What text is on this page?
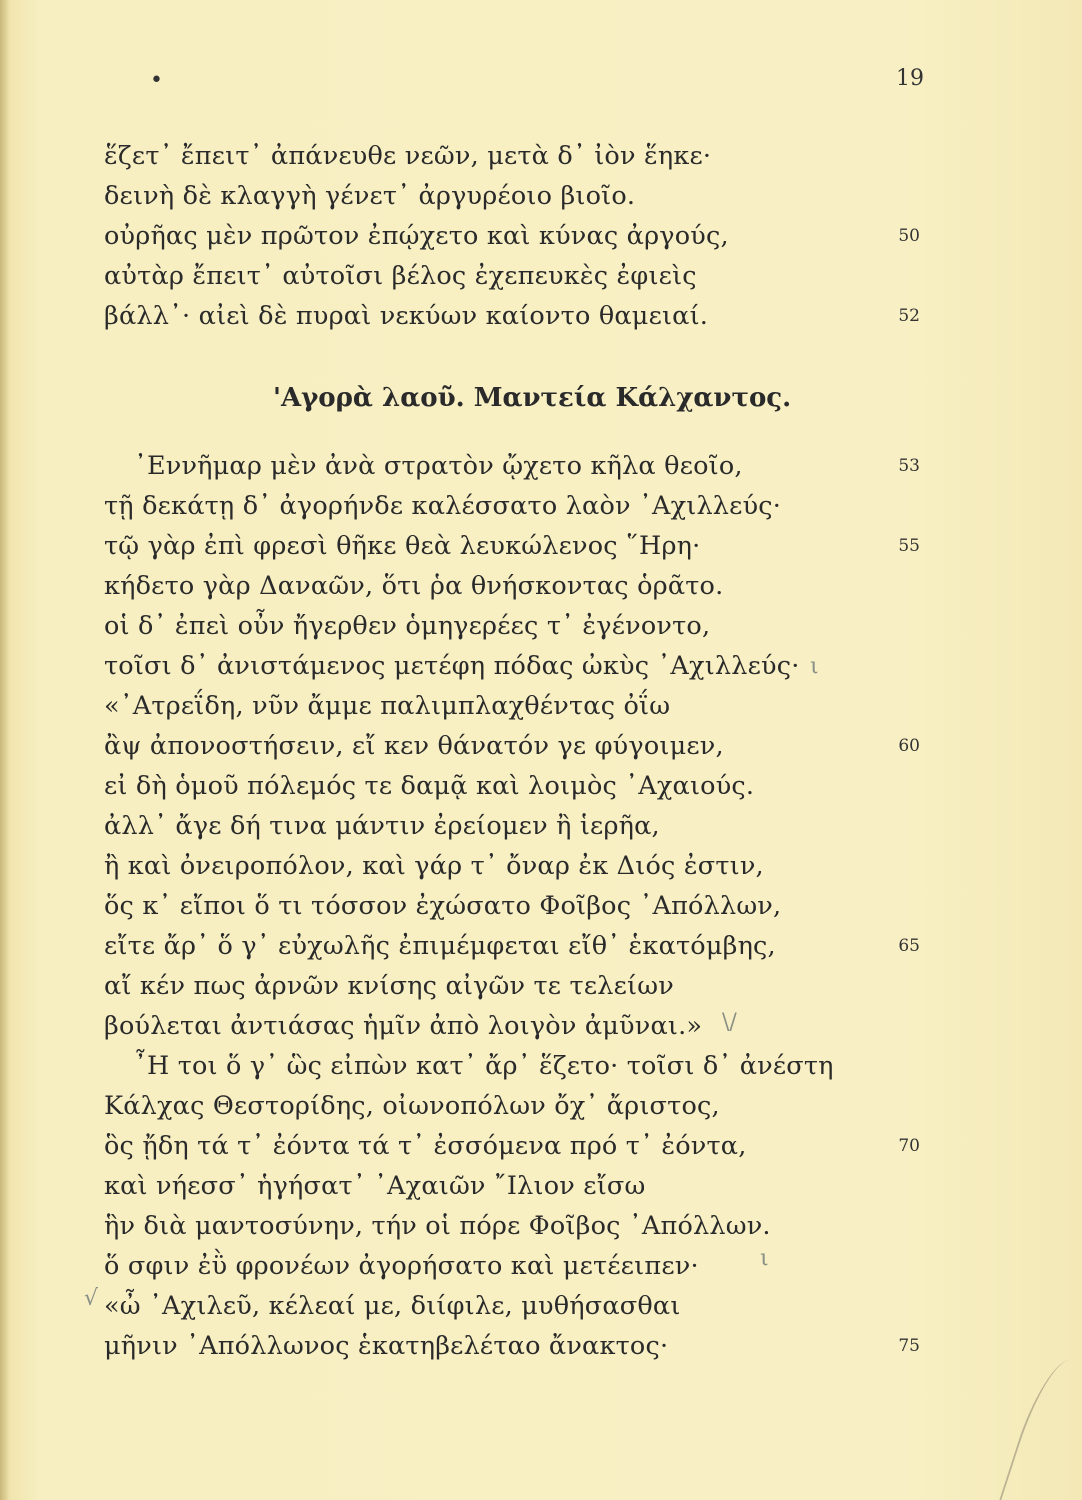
•	19
ἕζετ᾿ ἔπειτ᾿ ἀπάνευθε νεῶν, μετὰ δ᾿ ἰὸν ἕηκε·
δεινὴ δὲ κλαγγὴ γένετ᾿ ἀργυρέοιο βιοῖο.
οὐρῆας μὲν πρῶτον ἐπῴχετο καὶ κύνας ἀργούς,	50
αὐτὰρ ἔπειτ᾿ αὐτοῖσι βέλος ἐχεπευκὲς ἐφιεὶς
βάλλ᾿· αἰεὶ δὲ πυραὶ νεκύων καίοντο θαμειαί.	52
'Αγορὰ λαοῦ. Μαντεία Κάλχαντος.
᾿Εννῆμαρ μὲν ἀνὰ στρατὸν ᾤχετο κῆλα θεοῖο,	53
τῇ δεκάτῃ δ᾿ ἀγορήνδε καλέσσατο λαὸν ᾿Αχιλλεύς·
τῷ γὰρ ἐπὶ φρεσὶ θῆκε θεὰ λευκώλενος ῞Ηρη·	55
κήδετο γὰρ Δαναῶν, ὅτι ῥα θνήσκοντας ὁρᾶτο.
οἱ δ᾿ ἐπεὶ οὖν ἤγερθεν ὁμηγερέες τ᾿ ἐγένοντο,
τοῖσι δ᾿ ἀνιστάμενος μετέφη πόδας ὠκὺς ᾿Αχιλλεύς·
«᾿Ατρεΐδη, νῦν ἄμμε παλιμπλαχθέντας ὀΐω
ἂψ ἀπονοστήσειν, εἴ κεν θάνατόν γε φύγοιμεν,	60
εἰ δὴ ὁμοῦ πόλεμός τε δαμᾷ καὶ λοιμὸς ᾿Αχαιούς.
ἀλλ᾿ ἄγε δή τινα μάντιν ἐρείομεν ἢ ἱερῆα,
ἢ καὶ ὀνειροπόλον, καὶ γάρ τ᾿ ὄναρ ἐκ Διός ἐστιν,
ὅς κ᾿ εἴποι ὅ τι τόσσον ἐχώσατο Φοῖβος ᾿Απόλλων,
εἴτε ἄρ᾿ ὅ γ᾿ εὐχωλῆς ἐπιμέμφεται εἴθ᾿ ἑκατόμβης,	65
αἴ κέν πως ἀρνῶν κνίσης αἰγῶν τε τελείων
βούλεται ἀντιάσας ἡμῖν ἀπὸ λοιγὸν ἀμῦναι.»
῏Η τοι ὅ γ᾿ ὣς εἰπὼν κατ᾿ ἄρ᾿ ἕζετο· τοῖσι δ᾿ ἀνέστη
Κάλχας Θεστορίδης, οἰωνοπόλων ὄχ᾿ ἄριστος,
ὃς ᾔδη τά τ᾿ ἐόντα τά τ᾿ ἐσσόμενα πρό τ᾿ ἐόντα,	70
καὶ νήεσσ᾿ ἡγήσατ᾿ ᾿Αχαιῶν ῎Ιλιον εἴσω
ἣν διὰ μαντοσύνην, τήν οἱ πόρε Φοῖβος ᾿Απόλλων.
ὅ σφιν ἐῢ φρονέων ἀγορήσατο καὶ μετέειπεν·
«ὦ ᾿Αχιλεῦ, κέλεαί με, διίφιλε, μυθήσασθαι
μῆνιν ᾿Απόλλωνος ἑκατηβελέταο ἄνακτος·	75
ι
\/
ι
√
